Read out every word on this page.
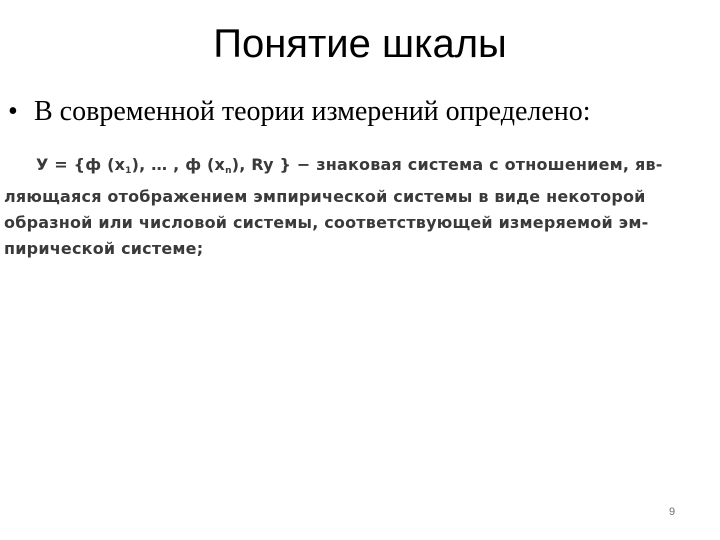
Понятие шкалы
• В современной теории измерений определено:
У = {ф $(x_1)$, … , ф $(x_n)$, Ry } − знаковая система с отношением, яв-
ляющаяся отображением эмпирической системы в виде некоторой
образной или числовой системы, соответствующей измеряемой эм-
пирической системе;
9
